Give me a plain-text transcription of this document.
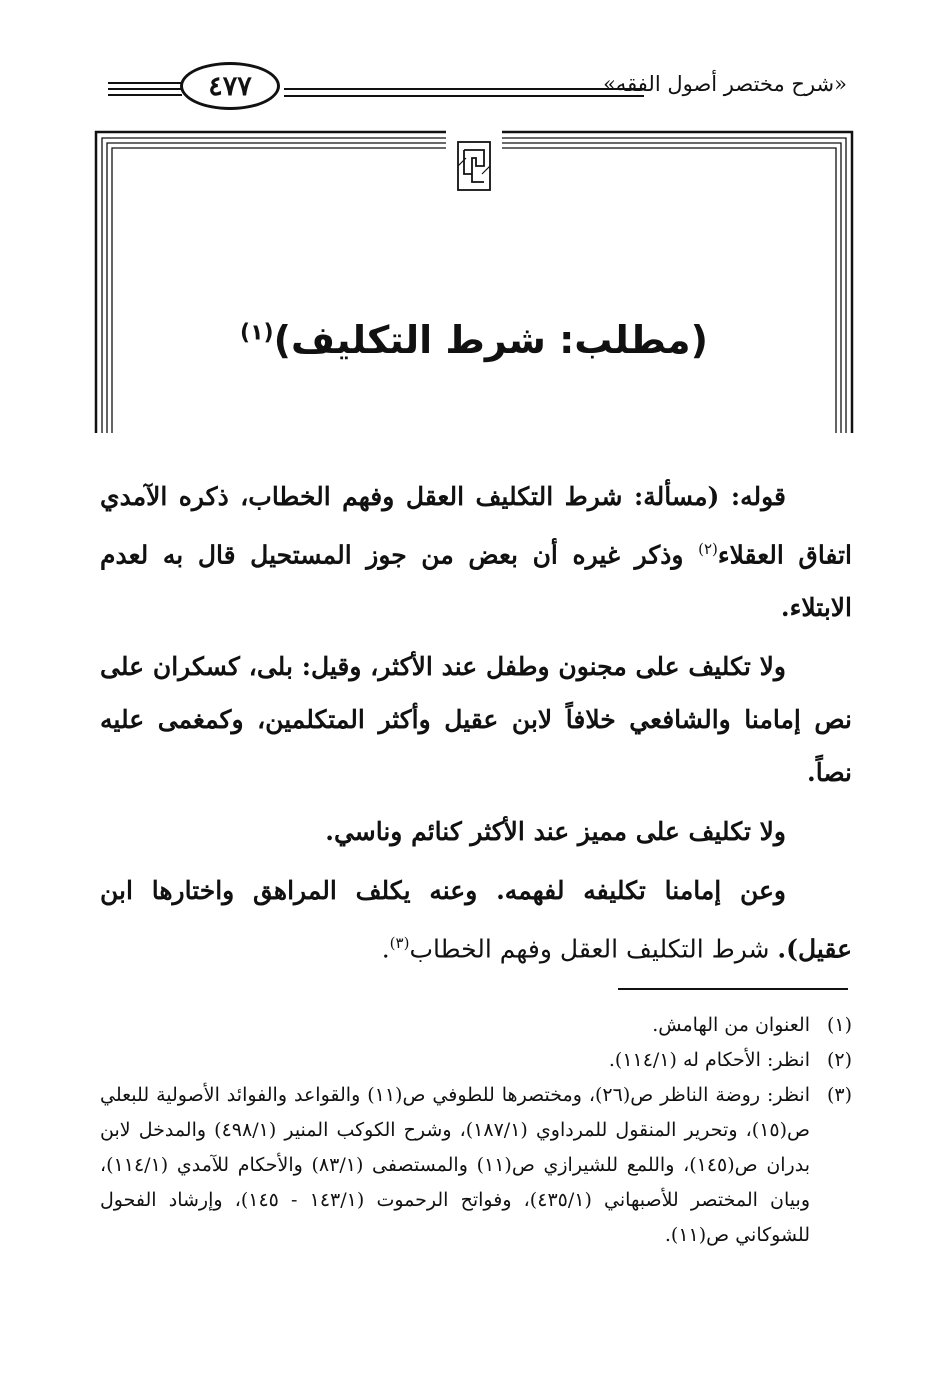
٤٧٧	«شرح مختصر أصول الفقه»
(مطلب: شرط التكليف)$^{(١)}$

قوله: (مسألة: شرط التكليف العقل وفهم الخطاب، ذكره الآمدي اتفاق العقلاء$^{(٢)}$ وذكر غيره أن بعض من جوز المستحيل قال به لعدم الابتلاء.

ولا تكليف على مجنون وطفل عند الأكثر، وقيل: بلى، كسكران على نص إمامنا والشافعي خلافاً لابن عقيل وأكثر المتكلمين، وكمغمى عليه نصاً.

ولا تكليف على مميز عند الأكثر كنائم وناسي.

وعن إمامنا تكليفه لفهمه. وعنه يكلف المراهق واختارها ابن عقيل). شرط التكليف العقل وفهم الخطاب$^{(٣)}$.

(١)
العنوان من الهامش.
(٢)
انظر: الأحكام له (١١٤/١).
(٣)
انظر: روضة الناظر ص(٢٦)، ومختصرها للطوفي ص(١١) والقواعد والفوائد الأصولية للبعلي ص(١٥)، وتحرير المنقول للمرداوي (١٨٧/١)، وشرح الكوكب المنير (٤٩٨/١) والمدخل لابن بدران ص(١٤٥)، واللمع للشيرازي ص(١١) والمستصفى (٨٣/١) والأحكام للآمدي (١١٤/١)، وبيان المختصر للأصبهاني (٤٣٥/١)، وفواتح الرحموت (١٤٣/١ - ١٤٥)، وإرشاد الفحول للشوكاني ص(١١).
